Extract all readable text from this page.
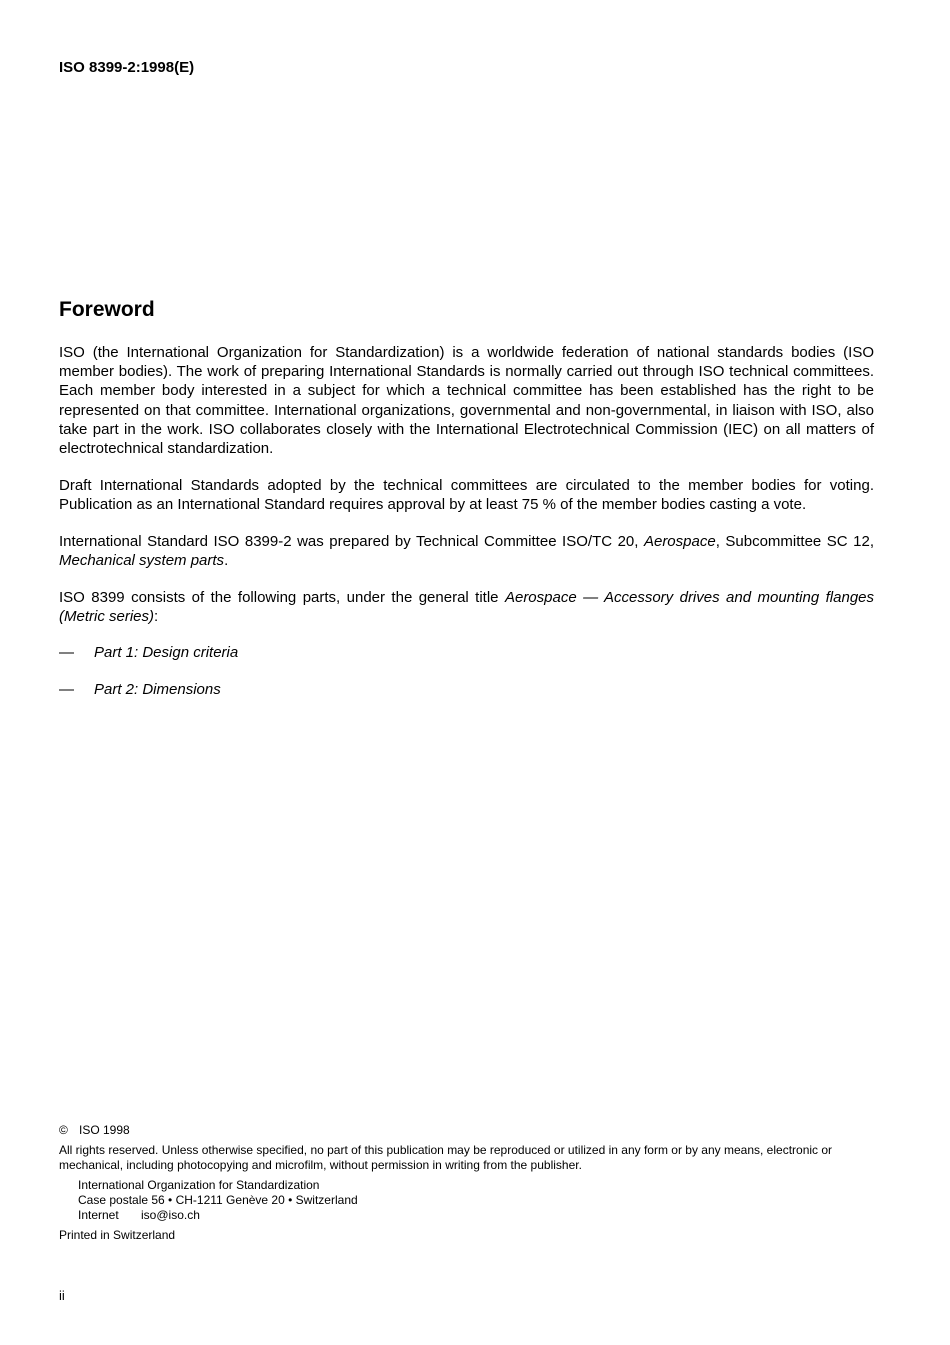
ISO 8399-2:1998(E)
Foreword
ISO (the International Organization for Standardization) is a worldwide federation of national standards bodies (ISO member bodies). The work of preparing International Standards is normally carried out through ISO technical committees. Each member body interested in a subject for which a technical committee has been established has the right to be represented on that committee. International organizations, governmental and non-governmental, in liaison with ISO, also take part in the work. ISO collaborates closely with the International Electrotechnical Commission (IEC) on all matters of electrotechnical standardization.
Draft International Standards adopted by the technical committees are circulated to the member bodies for voting. Publication as an International Standard requires approval by at least 75 % of the member bodies casting a vote.
International Standard ISO 8399-2 was prepared by Technical Committee ISO/TC 20, Aerospace, Subcommittee SC 12, Mechanical system parts.
ISO 8399 consists of the following parts, under the general title Aerospace — Accessory drives and mounting flanges (Metric series):
— Part 1: Design criteria
— Part 2: Dimensions
© ISO 1998
All rights reserved. Unless otherwise specified, no part of this publication may be reproduced or utilized in any form or by any means, electronic or mechanical, including photocopying and microfilm, without permission in writing from the publisher.
International Organization for Standardization
Case postale 56 • CH-1211 Genève 20 • Switzerland
Internet iso@iso.ch
Printed in Switzerland
ii
